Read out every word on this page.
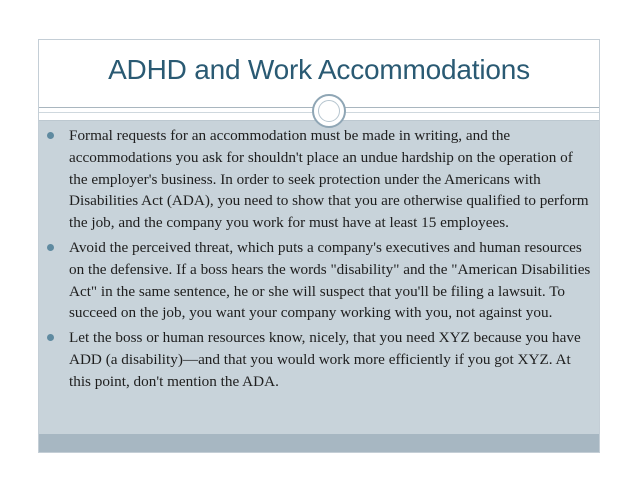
ADHD and Work Accommodations
Formal requests for an accommodation must be made in writing, and the accommodations you ask for shouldn't place an undue hardship on the operation of the employer's business. In order to seek protection under the Americans with Disabilities Act (ADA), you need to show that you are otherwise qualified to perform the job, and the company you work for must have at least 15 employees.
Avoid the perceived threat, which puts a company's executives and human resources on the defensive. If a boss hears the words "disability" and the "American Disabilities Act" in the same sentence, he or she will suspect that you'll be filing a lawsuit. To succeed on the job, you want your company working with you, not against you.
Let the boss or human resources know, nicely, that you need XYZ because you have ADD (a disability)—and that you would work more efficiently if you got XYZ. At this point, don't mention the ADA.
